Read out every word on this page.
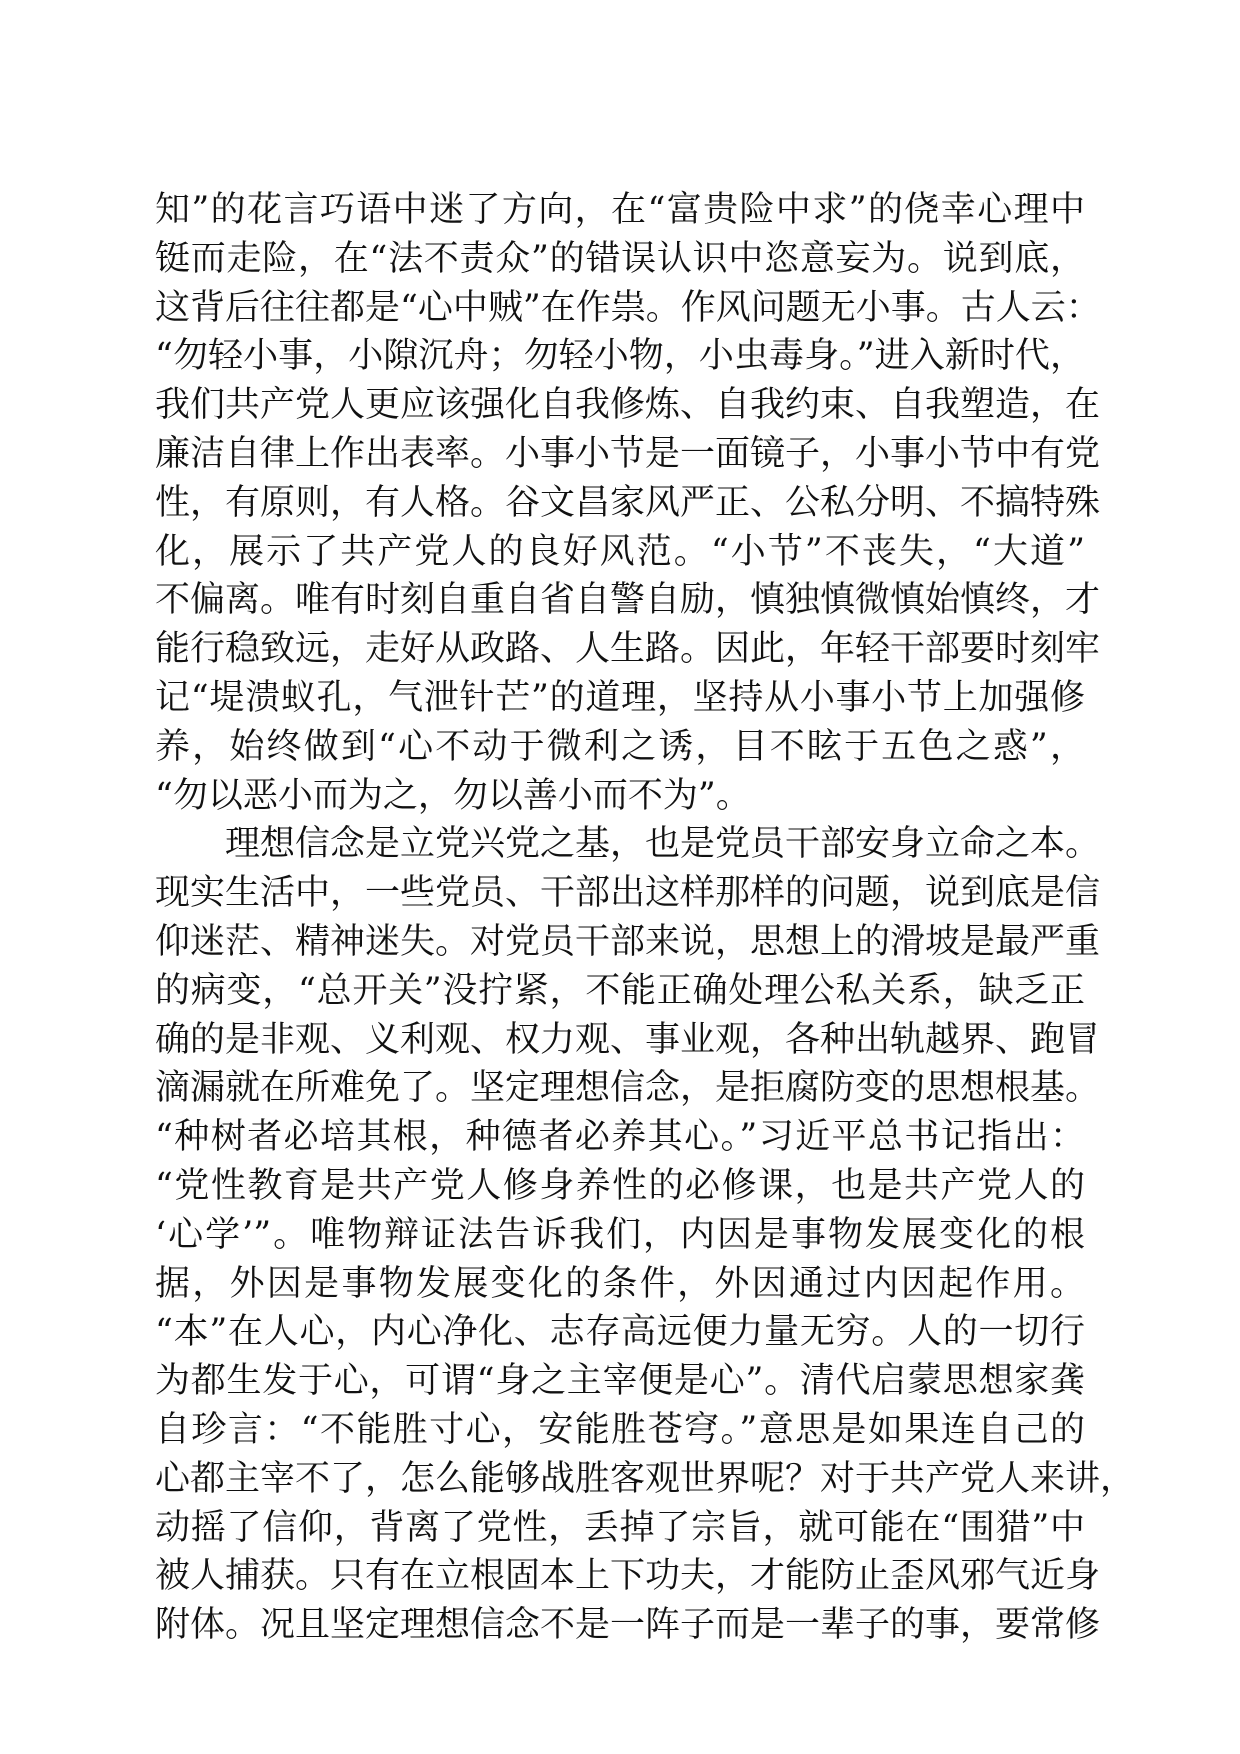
知”的花言巧语中迷了方向，在“富贵险中求”的侥幸心理中
铤而走险，在“法不责众”的错误认识中恣意妄为。说到底，
这背后往往都是“心中贼”在作祟。作风问题无小事。古人云：
“勿轻小事，小隙沉舟；勿轻小物，小虫毒身。”进入新时代，
我们共产党人更应该强化自我修炼、自我约束、自我塑造，在
廉洁自律上作出表率。小事小节是一面镜子，小事小节中有党
性，有原则，有人格。谷文昌家风严正、公私分明、不搞特殊
化，展示了共产党人的良好风范。“小节”不丧失，“大道”
不偏离。唯有时刻自重自省自警自励，慎独慎微慎始慎终，才
能行稳致远，走好从政路、人生路。因此，年轻干部要时刻牢
记“堤溃蚁孔，气泄针芒”的道理，坚持从小事小节上加强修
养，始终做到“心不动于微利之诱，目不眩于五色之惑”，
“勿以恶小而为之，勿以善小而不为”。
理想信念是立党兴党之基，也是党员干部安身立命之本。
现实生活中，一些党员、干部出这样那样的问题，说到底是信
仰迷茫、精神迷失。对党员干部来说，思想上的滑坡是最严重
的病变，“总开关”没拧紧，不能正确处理公私关系，缺乏正
确的是非观、义利观、权力观、事业观，各种出轨越界、跑冒
滴漏就在所难免了。坚定理想信念，是拒腐防变的思想根基。
“种树者必培其根，种德者必养其心。”习近平总书记指出：
“党性教育是共产党人修身养性的必修课，也是共产党人的
‘心学’”。唯物辩证法告诉我们，内因是事物发展变化的根
据，外因是事物发展变化的条件，外因通过内因起作用。
“本”在人心，内心净化、志存高远便力量无穷。人的一切行
为都生发于心，可谓“身之主宰便是心”。清代启蒙思想家龚
自珍言：“不能胜寸心，安能胜苍穹。”意思是如果连自己的
心都主宰不了，怎么能够战胜客观世界呢？对于共产党人来讲，
动摇了信仰，背离了党性，丢掉了宗旨，就可能在“围猎”中
被人捕获。只有在立根固本上下功夫，才能防止歪风邪气近身
附体。况且坚定理想信念不是一阵子而是一辈子的事，要常修
